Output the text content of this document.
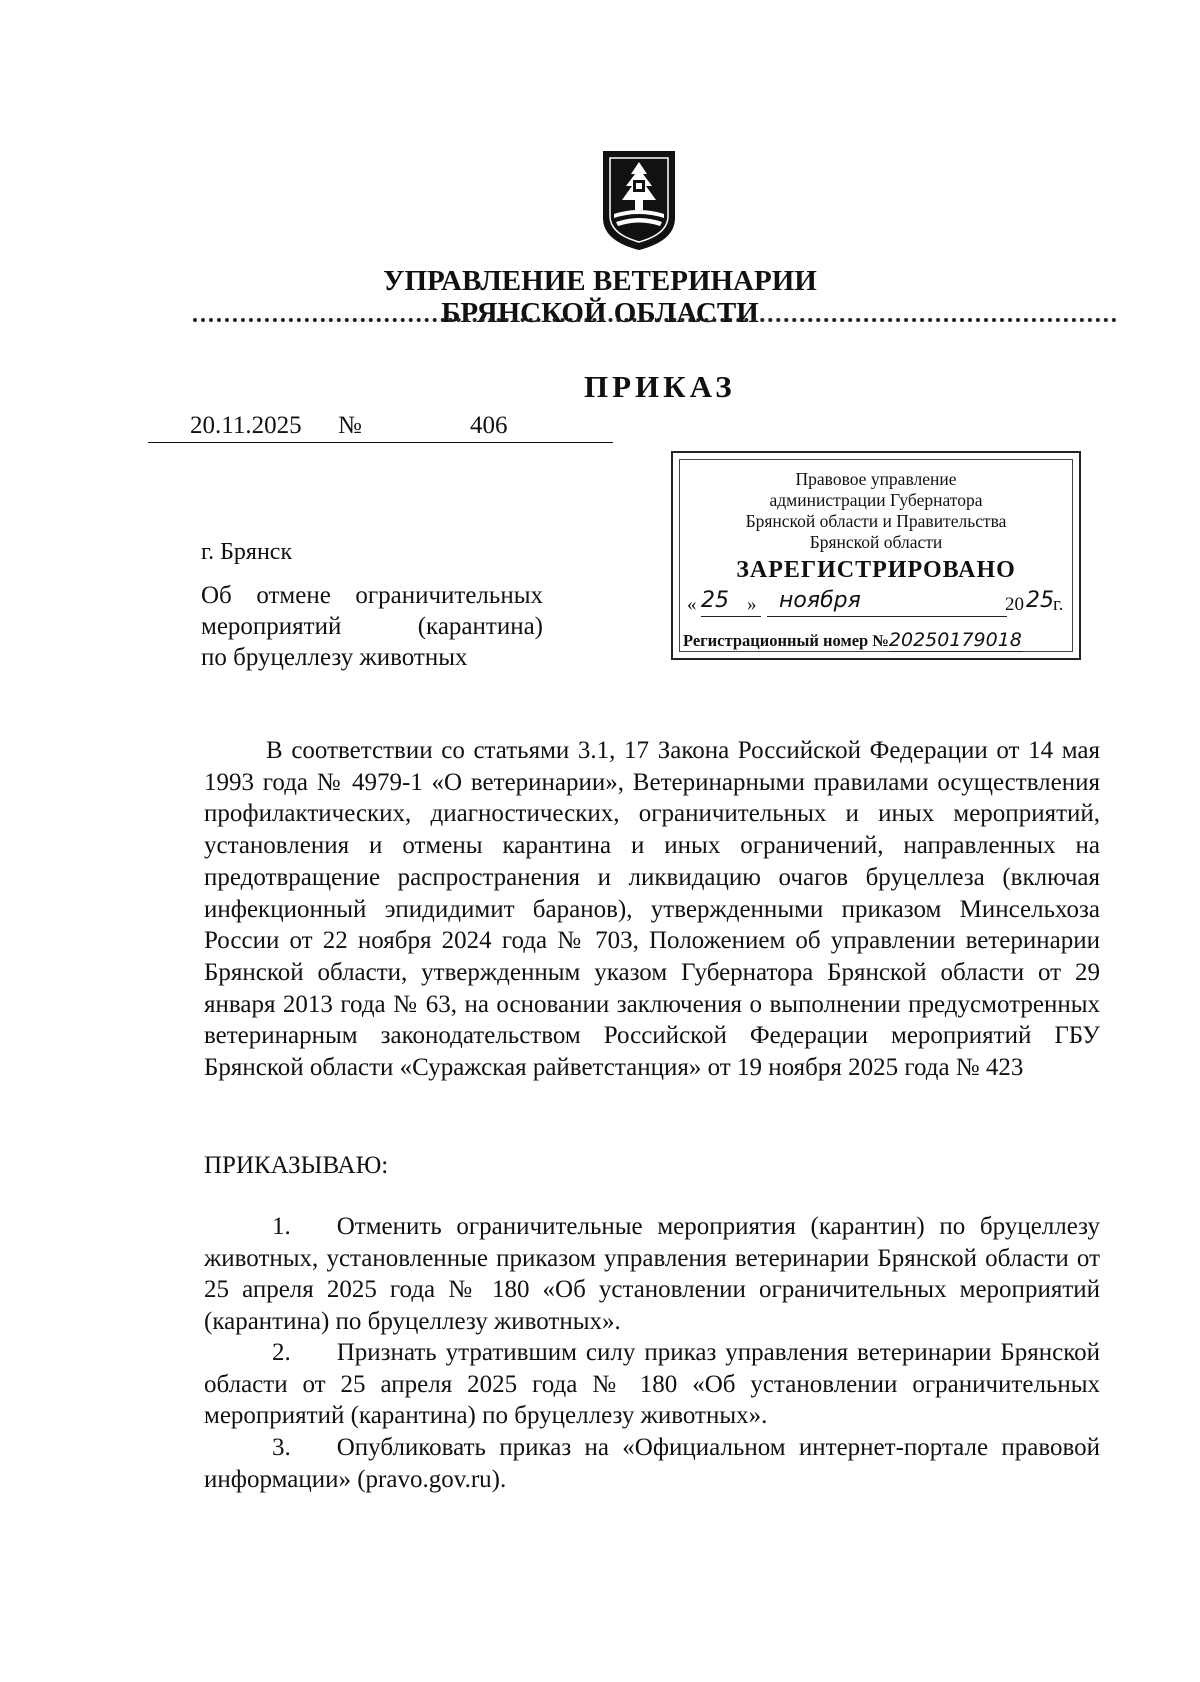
УПРАВЛЕНИЕ ВЕТЕРИНАРИИ
БРЯНСКОЙ ОБЛАСТИ
ПРИКАЗ
20.11.2025 №	406
Правовое управление
администрации Губернатора
Брянской области и Правительства
Брянской области
ЗАРЕГИСТРИРОВАНО
« 25 » ноября	20 25 г.
Регистрационный номер №20250179018
г. Брянск
Об отмене ограничительных
мероприятий (карантина)
по бруцеллезу животных

В соответствии со статьями 3.1, 17 Закона Российской Федерации от 14 мая 1993 года № 4979-1 «О ветеринарии», Ветеринарными правилами осуществления профилактических, диагностических, ограничительных и иных мероприятий, установления и отмены карантина и иных ограничений, направленных на предотвращение распространения и ликвидацию очагов бруцеллеза (включая инфекционный эпидидимит баранов), утвержденными приказом Минсельхоза России от 22 ноября 2024 года № 703, Положением об управлении ветеринарии Брянской области, утвержденным указом Губернатора Брянской области от 29 января 2013 года № 63, на основании заключения о выполнении предусмотренных ветеринарным законодательством Российской Федерации мероприятий ГБУ Брянской области «Суражская райветстанция» от 19 ноября 2025 года № 423

ПРИКАЗЫВАЮ:

1. Отменить ограничительные мероприятия (карантин) по бруцеллезу животных, установленные приказом управления ветеринарии Брянской области от 25 апреля 2025 года № 180 «Об установлении ограничительных мероприятий (карантина) по бруцеллезу животных».

2. Признать утратившим силу приказ управления ветеринарии Брянской области от 25 апреля 2025 года № 180 «Об установлении ограничительных мероприятий (карантина) по бруцеллезу животных».

3. Опубликовать приказ на «Официальном интернет-портале правовой информации» (pravo.gov.ru).
